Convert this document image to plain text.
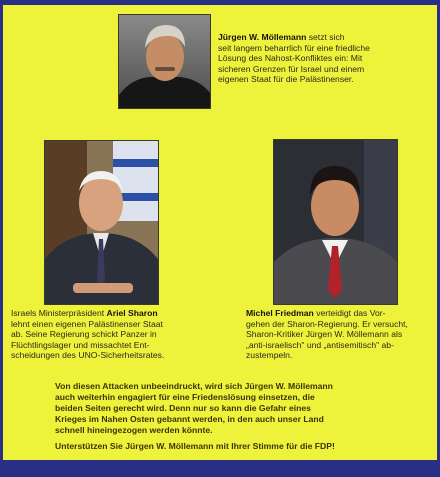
Jürgen W. Möllemann setzt sich
seit langem beharrlich für eine friedliche
Lösung des Nahost-Konfliktes ein: Mit
sicheren Grenzen für Israel und einem
eigenen Staat für die Palästinenser.

Israels Ministerpräsident Ariel Sharon
lehnt einen eigenen Palästinenser Staat
ab. Seine Regierung schickt Panzer in
Flüchtlingslager und missachtet Ent-
scheidungen des UNO-Sicherheitsrates.

Michel Friedman verteidigt das Vor-
gehen der Sharon-Regierung. Er versucht,
Sharon-Kritiker Jürgen W. Möllemann als
„anti-israelisch" und „antisemitisch" ab-
zustempeln.

Von diesen Attacken unbeeindruckt, wird sich Jürgen W. Möllemann
auch weiterhin engagiert für eine Friedenslösung einsetzen, die
beiden Seiten gerecht wird. Denn nur so kann die Gefahr eines
Krieges im Nahen Osten gebannt werden, in den auch unser Land
schnell hineingezogen werden könnte.

Unterstützen Sie Jürgen W. Möllemann mit Ihrer Stimme für die FDP!
